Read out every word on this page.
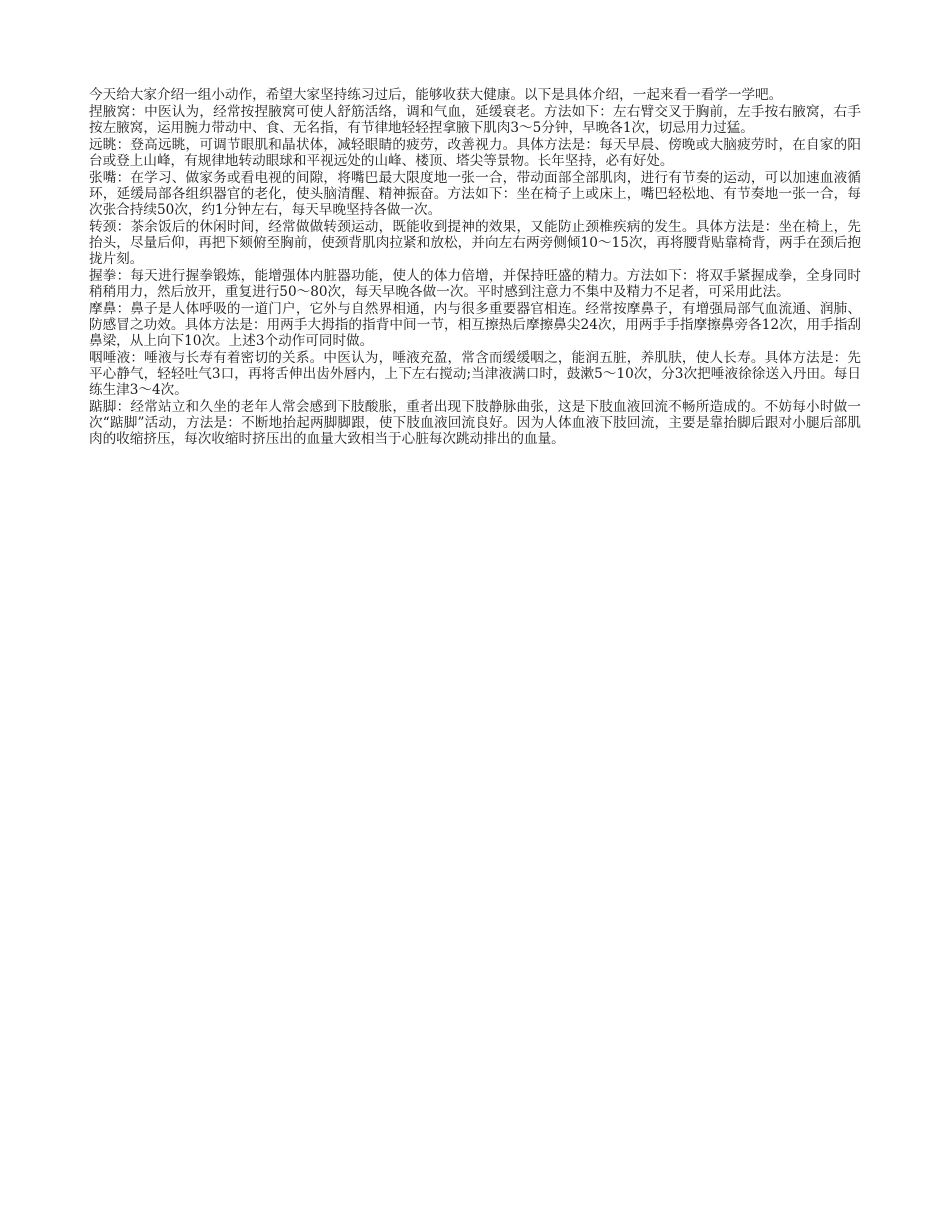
今天给大家介绍一组小动作，希望大家坚持练习过后，能够收获大健康。以下是具体介绍，一起来看一看学一学吧。

捏腋窝：中医认为，经常按捏腋窝可使人舒筋活络，调和气血，延缓衰老。方法如下：左右臂交叉于胸前，左手按右腋窝，右手按左腋窝，运用腕力带动中、食、无名指，有节律地轻轻捏拿腋下肌肉3～5分钟，早晚各1次，切忌用力过猛。

远眺：登高远眺，可调节眼肌和晶状体，减轻眼睛的疲劳，改善视力。具体方法是：每天早晨、傍晚或大脑疲劳时，在自家的阳台或登上山峰，有规律地转动眼球和平视远处的山峰、楼顶、塔尖等景物。长年坚持，必有好处。

张嘴：在学习、做家务或看电视的间隙，将嘴巴最大限度地一张一合，带动面部全部肌肉，进行有节奏的运动，可以加速血液循环，延缓局部各组织器官的老化，使头脑清醒、精神振奋。方法如下：坐在椅子上或床上，嘴巴轻松地、有节奏地一张一合，每次张合持续50次，约1分钟左右，每天早晚坚持各做一次。

转颈：茶余饭后的休闲时间，经常做做转颈运动，既能收到提神的效果，又能防止颈椎疾病的发生。具体方法是：坐在椅上，先抬头，尽量后仰，再把下颏俯至胸前，使颈背肌肉拉紧和放松，并向左右两旁侧倾10～15次，再将腰背贴靠椅背，两手在颈后抱拢片刻。

握拳：每天进行握拳锻炼，能增强体内脏器功能，使人的体力倍增，并保持旺盛的精力。方法如下：将双手紧握成拳，全身同时稍稍用力，然后放开，重复进行50～80次，每天早晚各做一次。平时感到注意力不集中及精力不足者，可采用此法。

摩鼻：鼻子是人体呼吸的一道门户，它外与自然界相通，内与很多重要器官相连。经常按摩鼻子，有增强局部气血流通、润肺、防感冒之功效。具体方法是：用两手大拇指的指背中间一节，相互擦热后摩擦鼻尖24次，用两手手指摩擦鼻旁各12次，用手指刮鼻梁，从上向下10次。上述3个动作可同时做。

咽唾液：唾液与长寿有着密切的关系。中医认为，唾液充盈，常含而缓缓咽之，能润五脏，养肌肤，使人长寿。具体方法是：先平心静气，轻轻吐气3口，再将舌伸出齿外唇内，上下左右搅动;当津液满口时，鼓漱5～10次，分3次把唾液徐徐送入丹田。每日练生津3～4次。

踮脚：经常站立和久坐的老年人常会感到下肢酸胀，重者出现下肢静脉曲张，这是下肢血液回流不畅所造成的。不妨每小时做一次“踮脚”活动，方法是：不断地抬起两脚脚跟，使下肢血液回流良好。因为人体血液下肢回流，主要是靠抬脚后跟对小腿后部肌肉的收缩挤压，每次收缩时挤压出的血量大致相当于心脏每次跳动排出的血量。
